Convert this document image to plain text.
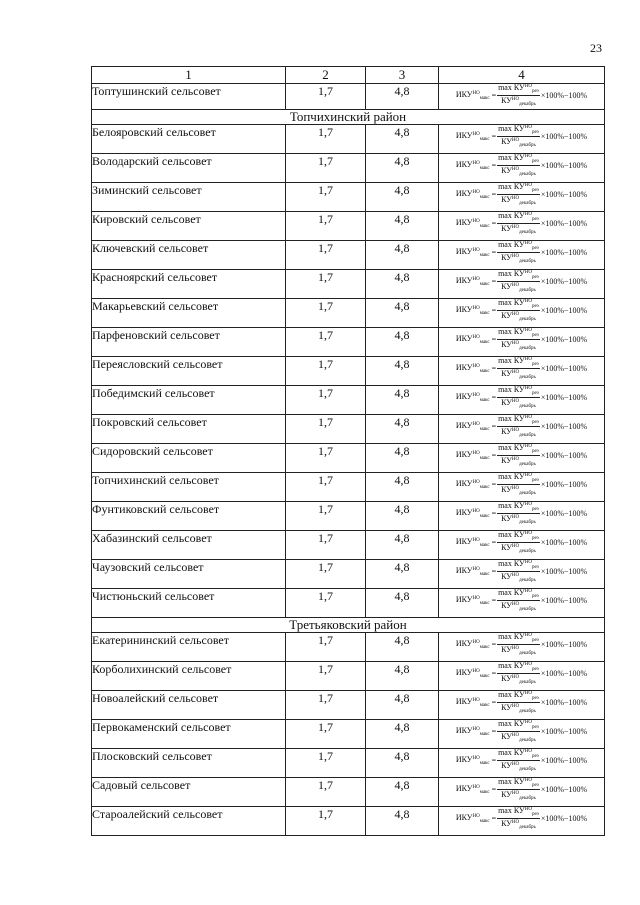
23
1	2	3	4
Топтушинский сельсовет	1,7	4,8	$ИКУ^{НО}_{макс} = \frac{\max КУ^{НО}_{реэ}}{КУ^{НО}_{декабрь}} \times 100\%-100\%$

Топчихинский район			
Белояровский сельсовет	1,7	4,8	$ИКУ^{НО}_{макс} = \frac{\max КУ^{НО}_{реэ}}{КУ^{НО}_{декабрь}} \times 100\%-100\%$

Володарский сельсовет	1,7	4,8	$ИКУ^{НО}_{макс} = \frac{\max КУ^{НО}_{реэ}}{КУ^{НО}_{декабрь}} \times 100\%-100\%$

Зиминский сельсовет	1,7	4,8	$ИКУ^{НО}_{макс} = \frac{\max КУ^{НО}_{реэ}}{КУ^{НО}_{декабрь}} \times 100\%-100\%$

Кировский сельсовет	1,7	4,8	$ИКУ^{НО}_{макс} = \frac{\max КУ^{НО}_{реэ}}{КУ^{НО}_{декабрь}} \times 100\%-100\%$

Ключевский сельсовет	1,7	4,8	$ИКУ^{НО}_{макс} = \frac{\max КУ^{НО}_{реэ}}{КУ^{НО}_{декабрь}} \times 100\%-100\%$

Красноярский сельсовет	1,7	4,8	$ИКУ^{НО}_{макс} = \frac{\max КУ^{НО}_{реэ}}{КУ^{НО}_{декабрь}} \times 100\%-100\%$

Макарьевский сельсовет	1,7	4,8	$ИКУ^{НО}_{макс} = \frac{\max КУ^{НО}_{реэ}}{КУ^{НО}_{декабрь}} \times 100\%-100\%$

Парфеновский сельсовет	1,7	4,8	$ИКУ^{НО}_{макс} = \frac{\max КУ^{НО}_{реэ}}{КУ^{НО}_{декабрь}} \times 100\%-100\%$

Переясловский сельсовет	1,7	4,8	$ИКУ^{НО}_{макс} = \frac{\max КУ^{НО}_{реэ}}{КУ^{НО}_{декабрь}} \times 100\%-100\%$

Победимский сельсовет	1,7	4,8	$ИКУ^{НО}_{макс} = \frac{\max КУ^{НО}_{реэ}}{КУ^{НО}_{декабрь}} \times 100\%-100\%$

Покровский сельсовет	1,7	4,8	$ИКУ^{НО}_{макс} = \frac{\max КУ^{НО}_{реэ}}{КУ^{НО}_{декабрь}} \times 100\%-100\%$

Сидоровский сельсовет	1,7	4,8	$ИКУ^{НО}_{макс} = \frac{\max КУ^{НО}_{реэ}}{КУ^{НО}_{декабрь}} \times 100\%-100\%$

Топчихинский сельсовет	1,7	4,8	$ИКУ^{НО}_{макс} = \frac{\max КУ^{НО}_{реэ}}{КУ^{НО}_{декабрь}} \times 100\%-100\%$

Фунтиковский сельсовет	1,7	4,8	$ИКУ^{НО}_{макс} = \frac{\max КУ^{НО}_{реэ}}{КУ^{НО}_{декабрь}} \times 100\%-100\%$

Хабазинский сельсовет	1,7	4,8	$ИКУ^{НО}_{макс} = \frac{\max КУ^{НО}_{реэ}}{КУ^{НО}_{декабрь}} \times 100\%-100\%$

Чаузовский сельсовет	1,7	4,8	$ИКУ^{НО}_{макс} = \frac{\max КУ^{НО}_{реэ}}{КУ^{НО}_{декабрь}} \times 100\%-100\%$

Чистюньский сельсовет	1,7	4,8	$ИКУ^{НО}_{макс} = \frac{\max КУ^{НО}_{реэ}}{КУ^{НО}_{декабрь}} \times 100\%-100\%$

Третьяковский район			
Екатерининский сельсовет	1,7	4,8	$ИКУ^{НО}_{макс} = \frac{\max КУ^{НО}_{реэ}}{КУ^{НО}_{декабрь}} \times 100\%-100\%$

Корболихинский сельсовет	1,7	4,8	$ИКУ^{НО}_{макс} = \frac{\max КУ^{НО}_{реэ}}{КУ^{НО}_{декабрь}} \times 100\%-100\%$

Новоалейский сельсовет	1,7	4,8	$ИКУ^{НО}_{макс} = \frac{\max КУ^{НО}_{реэ}}{КУ^{НО}_{декабрь}} \times 100\%-100\%$

Первокаменский сельсовет	1,7	4,8	$ИКУ^{НО}_{макс} = \frac{\max КУ^{НО}_{реэ}}{КУ^{НО}_{декабрь}} \times 100\%-100\%$

Плосковский сельсовет	1,7	4,8	$ИКУ^{НО}_{макс} = \frac{\max КУ^{НО}_{реэ}}{КУ^{НО}_{декабрь}} \times 100\%-100\%$

Садовый сельсовет	1,7	4,8	$ИКУ^{НО}_{макс} = \frac{\max КУ^{НО}_{реэ}}{КУ^{НО}_{декабрь}} \times 100\%-100\%$

Староалейский сельсовет	1,7	4,8	$ИКУ^{НО}_{макс} = \frac{\max КУ^{НО}_{реэ}}{КУ^{НО}_{декабрь}} \times 100\%-100\%$
